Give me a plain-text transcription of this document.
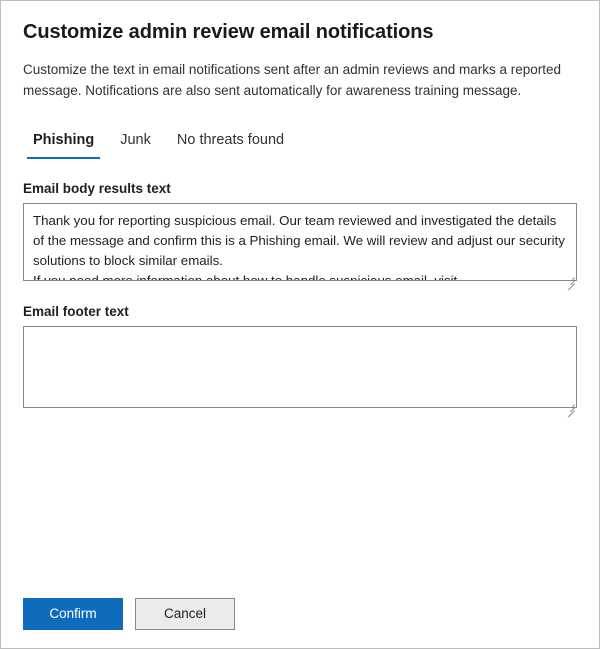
Customize admin review email notifications

Customize the text in email notifications sent after an admin reviews and marks a reported message. Notifications are also sent automatically for awareness training message.

Phishing	Junk	No threats found
Email body results text
Thank you for reporting suspicious email. Our team reviewed and investigated the details of the message and confirm this is a Phishing email. We will review and adjust our security solutions to block similar emails. If you need more information about how to handle suspicious email, visit...
Email footer text
Confirm	Cancel
